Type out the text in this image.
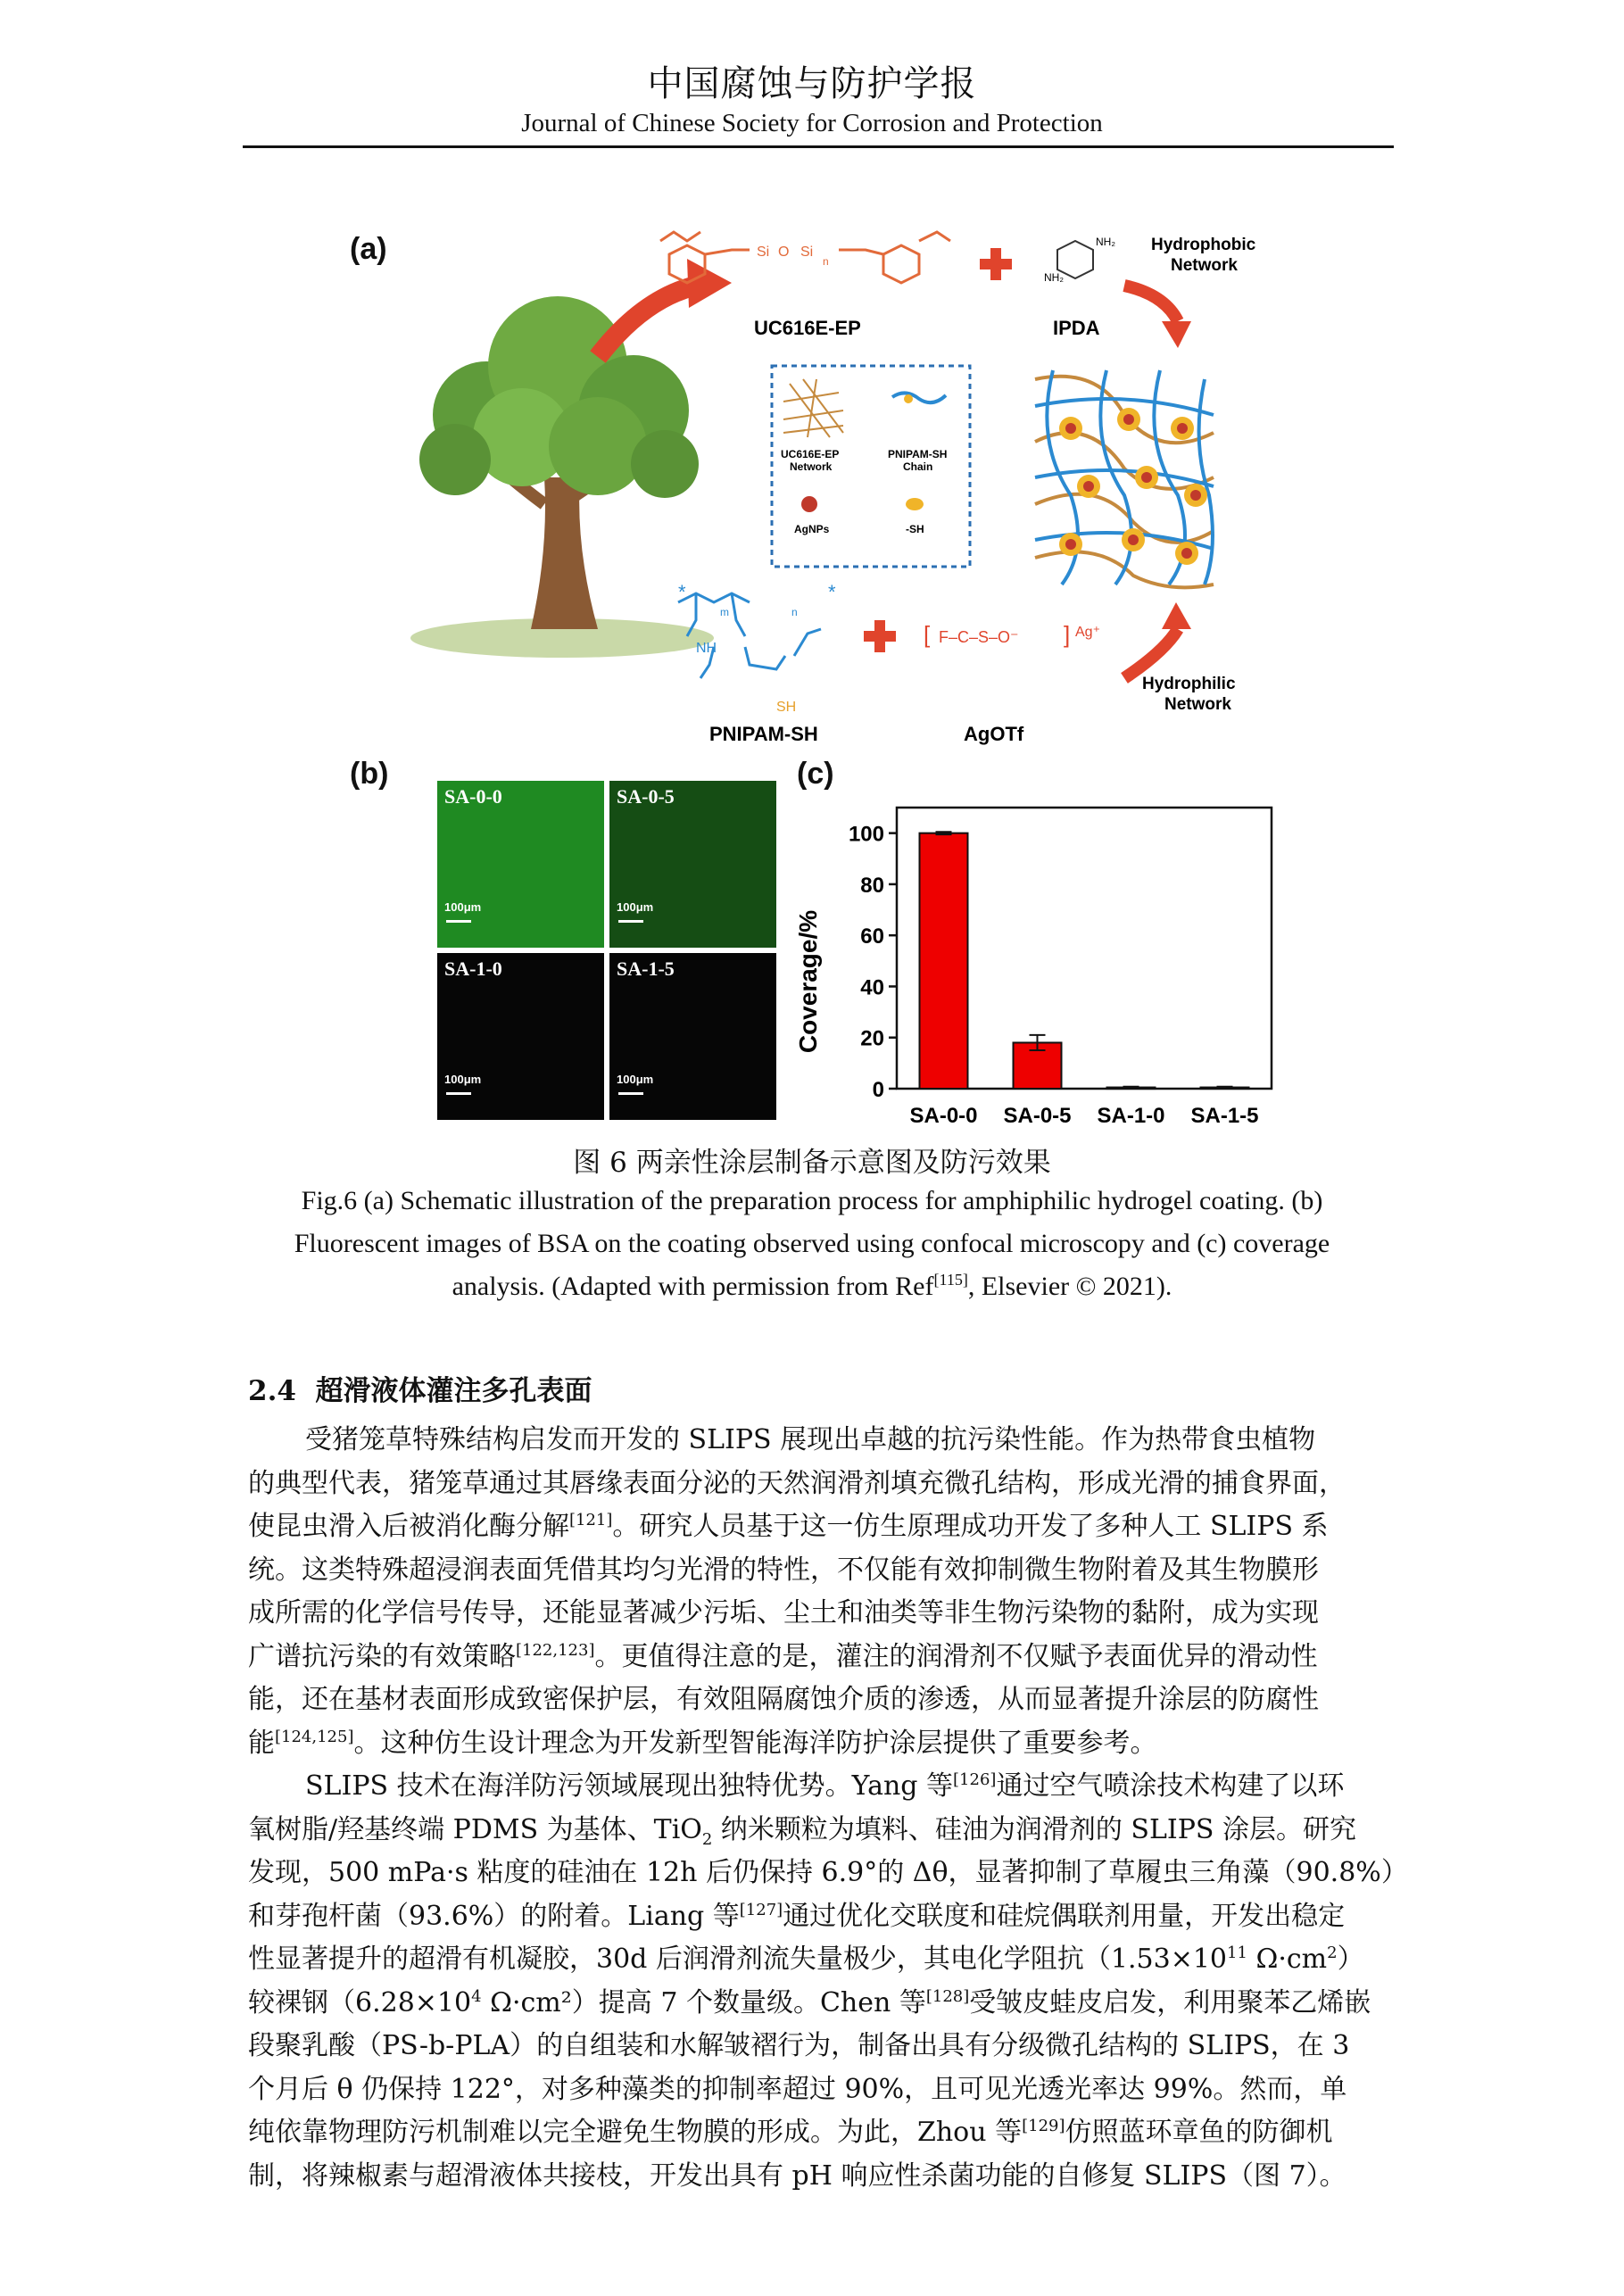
中国腐蚀与防护学报
Journal of Chinese Society for Corrosion and Protection
(a)	Si O Si
n
UC616E-EP
NH₂
NH₂
IPDA
Hydrophobic
Network
UC616E-EP
Network
PNIPAM-SH
Chain
AgNPs	-SH
*	*
m	n
NH
SH
PNIPAM-SH
[ F–C–S–O⁻ ] Ag⁺
AgOTf
Hydrophilic
Network
(b)
SA-0-0
100μm
SA-0-5
100μm
SA-1-0
100μm
SA-1-5
100μm
(c)
Coverage/%
0
20
40
60
80
100
SA-0-0 SA-0-5 SA-1-0 SA-1-5
图 6 两亲性涂层制备示意图及防污效果
Fig.6 (a) Schematic illustration of the preparation process for amphiphilic hydrogel coating. (b)
Fluorescent images of BSA on the coating observed using confocal microscopy and (c) coverage
analysis. (Adapted with permission from Ref[115], Elsevier © 2021).
2.4 超滑液体灌注多孔表面
受猪笼草特殊结构启发而开发的 SLIPS 展现出卓越的抗污染性能。作为热带食虫植物
的典型代表，猪笼草通过其唇缘表面分泌的天然润滑剂填充微孔结构，形成光滑的捕食界面，
使昆虫滑入后被消化酶分解[121]。研究人员基于这一仿生原理成功开发了多种人工 SLIPS 系
统。这类特殊超浸润表面凭借其均匀光滑的特性，不仅能有效抑制微生物附着及其生物膜形
成所需的化学信号传导，还能显著减少污垢、尘土和油类等非生物污染物的黏附，成为实现
广谱抗污染的有效策略[122,123]。更值得注意的是，灌注的润滑剂不仅赋予表面优异的滑动性
能，还在基材表面形成致密保护层，有效阻隔腐蚀介质的渗透，从而显著提升涂层的防腐性
能[124,125]。这种仿生设计理念为开发新型智能海洋防护涂层提供了重要参考。
SLIPS 技术在海洋防污领域展现出独特优势。Yang 等[126]通过空气喷涂技术构建了以环
氧树脂/羟基终端 PDMS 为基体、TiO$_2$ 纳米颗粒为填料、硅油为润滑剂的 SLIPS 涂层。研究
发现，500 mPa·s 粘度的硅油在 12h 后仍保持 6.9°的 Δθ，显著抑制了草履虫三角藻（90.8%）
和芽孢杆菌（93.6%）的附着。Liang 等[127]通过优化交联度和硅烷偶联剂用量，开发出稳定
性显著提升的超滑有机凝胶，30d 后润滑剂流失量极少，其电化学阻抗（$1.53\times 10^{11}$ $\Omega\cdot cm^2$）
较裸钢（$6.28\times 10^4$ Ω·cm²）提高 7 个数量级。Chen 等[128]受皱皮蛙皮启发，利用聚苯乙烯嵌
段聚乳酸（PS-b-PLA）的自组装和水解皱褶行为，制备出具有分级微孔结构的 SLIPS，在 3
个月后 θ 仍保持 122°，对多种藻类的抑制率超过 90%，且可见光透光率达 99%。然而，单
纯依靠物理防污机制难以完全避免生物膜的形成。为此，Zhou 等[129]仿照蓝环章鱼的防御机
制，将辣椒素与超滑液体共接枝，开发出具有 pH 响应性杀菌功能的自修复 SLIPS（图 7）。
